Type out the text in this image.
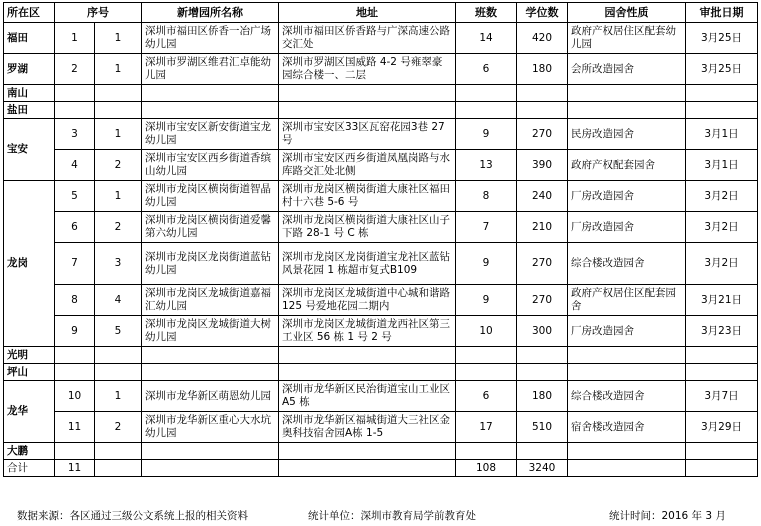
所在区	序号		新增园所名称	地址	班数	学位数	园舍性质	审批日期
福田	1	1	深圳市福田区侨香一冶广场幼儿园	深圳市福田区侨香路与广深高速公路交汇处	14	420	政府产权居住区配套幼儿园	3月25日
罗湖	2	1	深圳市罗湖区维君汇卓能幼儿园	深圳市罗湖区国威路 4-2 号雍翠豪园综合楼一、二层	6	180	会所改造园舍	3月25日
南山								
盐田								
宝安	3	1	深圳市宝安区新安街道宝龙幼儿园	深圳市宝安区33区瓦窑花园3巷 27 号	9	270	民房改造园舍	3月1日
	4	2	深圳市宝安区西乡街道香缤山幼儿园	深圳市宝安区西乡街道凤凰岗路与水库路交汇处北侧	13	390	政府产权配套园舍	3月1日
龙岗	5	1	深圳市龙岗区横岗街道智晶幼儿园	深圳市龙岗区横岗街道大康社区福田村十六巷 5-6 号	8	240	厂房改造园舍	3月2日
	6	2	深圳市龙岗区横岗街道爱馨第六幼儿园	深圳市龙岗区横岗街道大康社区山子下路 28-1 号 C 栋	7	210	厂房改造园舍	3月2日
	7	3	深圳市龙岗区龙岗街道蓝钻幼儿园	深圳市龙岗区龙岗街道宝龙社区蓝钻风景花园 1 栋超市复式B109	9	270	综合楼改造园舍	3月2日
	8	4	深圳市龙岗区龙城街道嘉福汇幼儿园	深圳市龙岗区龙城街道中心城和谐路 125 号爱地花园二期内	9	270	政府产权居住区配套园舍	3月21日
	9	5	深圳市龙岗区龙城街道大树幼儿园	深圳市龙岗区龙城街道龙西社区第三工业区 56 栋 1 号 2 号	10	300	厂房改造园舍	3月23日
光明								
坪山								
龙华	10	1	深圳市龙华新区萌恩幼儿园	深圳市龙华新区民治街道宝山工业区 A5 栋	6	180	综合楼改造园舍	3月7日
	11	2	深圳市龙华新区重心大水坑幼儿园	深圳市龙华新区福城街道大三社区金奥科技宿舍园A栋 1-5	17	510	宿舍楼改造园舍	3月29日
大鹏								
合计	11				108	3240		
数据来源：各区通过三级公文系统上报的相关资料	统计单位：深圳市教育局学前教育处	统计时间：2016 年 3 月
